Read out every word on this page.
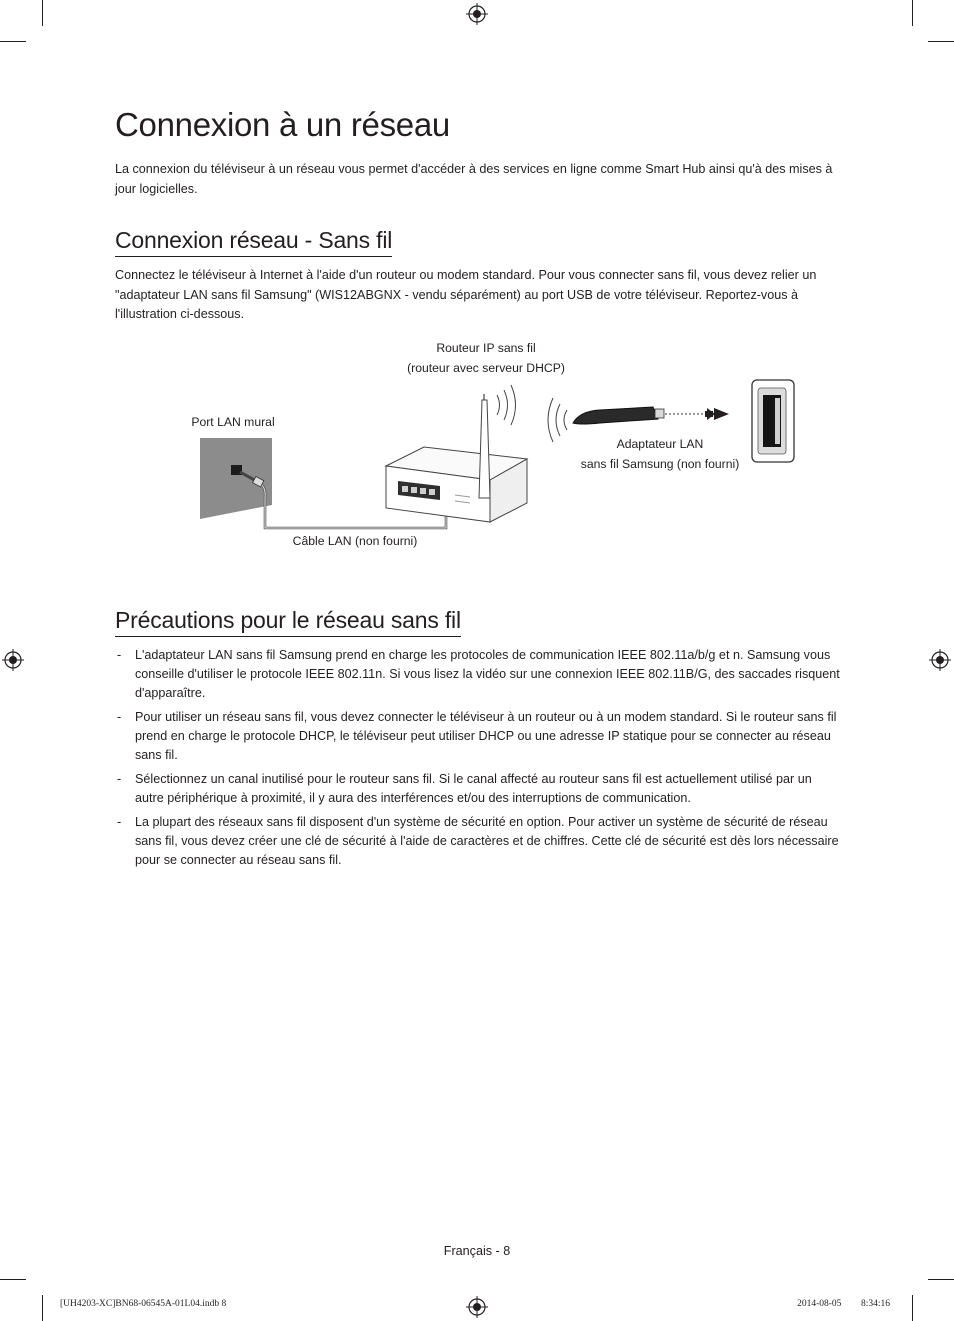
Connexion à un réseau

La connexion du téléviseur à un réseau vous permet d'accéder à des services en ligne comme Smart Hub ainsi qu'à des mises à jour logicielles.

Connexion réseau - Sans fil

Connectez le téléviseur à Internet à l'aide d'un routeur ou modem standard. Pour vous connecter sans fil, vous devez relier un "adaptateur LAN sans fil Samsung" (WIS12ABGNX - vendu séparément) au port USB de votre téléviseur. Reportez-vous à l'illustration ci-dessous.

Routeur IP sans fil
(routeur avec serveur DHCP)
Port LAN mural
Adaptateur LAN
sans fil Samsung (non fourni)
Câble LAN (non fourni)
Précautions pour le réseau sans fil
- L'adaptateur LAN sans fil Samsung prend en charge les protocoles de communication IEEE 802.11a/b/g et n. Samsung vous conseille d'utiliser le protocole IEEE 802.11n. Si vous lisez la vidéo sur une connexion IEEE 802.11B/G, des saccades risquent d'apparaître.
- Pour utiliser un réseau sans fil, vous devez connecter le téléviseur à un routeur ou à un modem standard. Si le routeur sans fil prend en charge le protocole DHCP, le téléviseur peut utiliser DHCP ou une adresse IP statique pour se connecter au réseau sans fil.
- Sélectionnez un canal inutilisé pour le routeur sans fil. Si le canal affecté au routeur sans fil est actuellement utilisé par un autre périphérique à proximité, il y aura des interférences et/ou des interruptions de communication.
- La plupart des réseaux sans fil disposent d'un système de sécurité en option. Pour activer un système de sécurité de réseau sans fil, vous devez créer une clé de sécurité à l'aide de caractères et de chiffres. Cette clé de sécurité est dès lors nécessaire pour se connecter au réseau sans fil.
Français - 8
[UH4203-XC]BN68-06545A-01L04.indb 8	2014-08-05 ﾟﾟ 8:34:16
